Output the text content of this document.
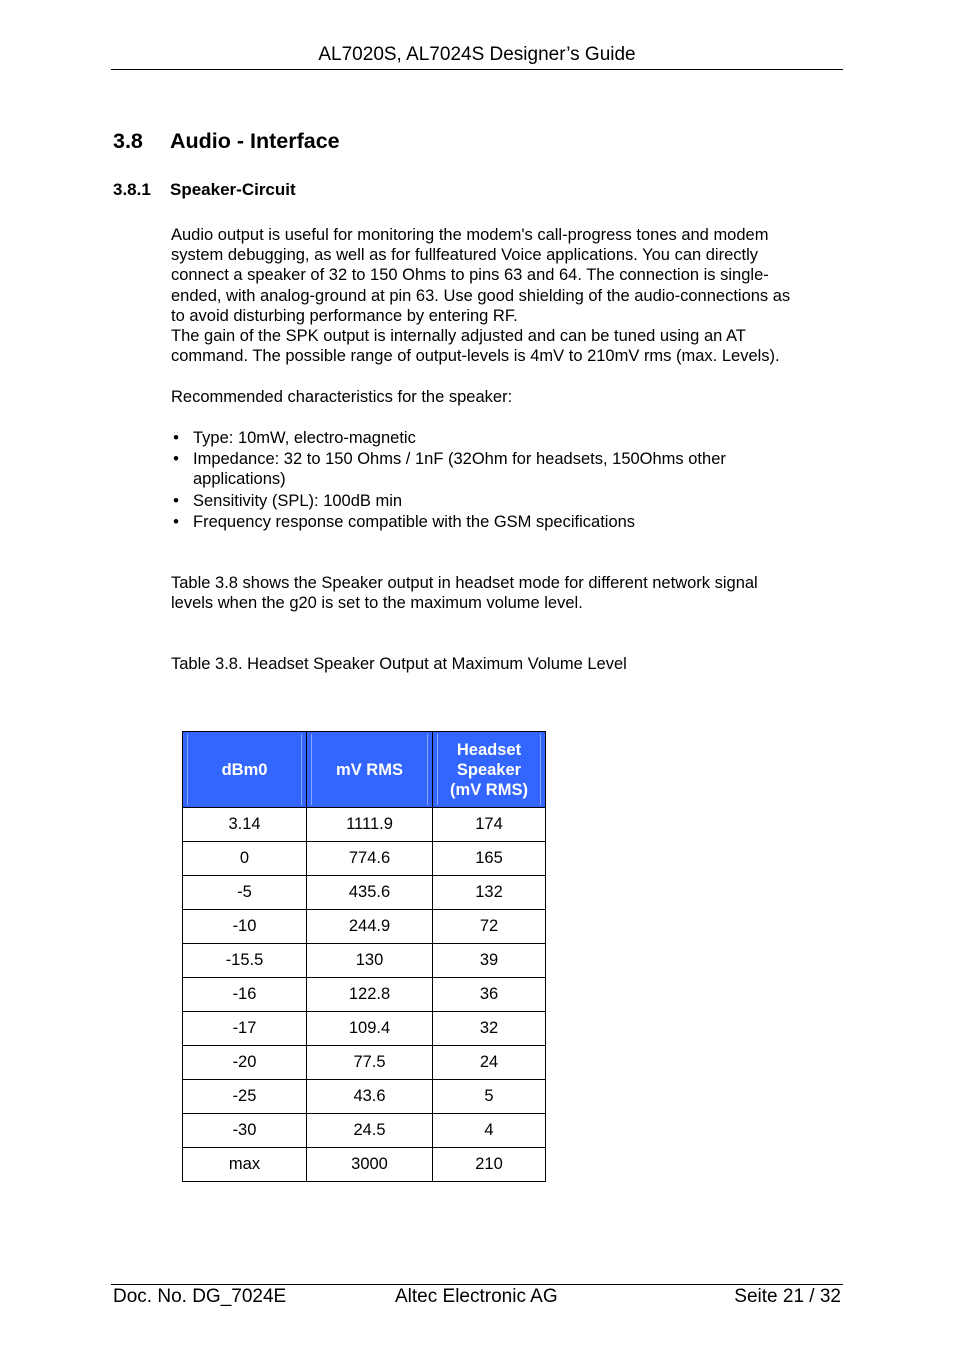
AL7020S, AL7024S Designer’s Guide
3.8 Audio - Interface
3.8.1 Speaker-Circuit

Audio output is useful for monitoring the modem's call-progress tones and modem
system debugging, as well as for fullfeatured Voice applications. You can directly
connect a speaker of 32 to 150 Ohms to pins 63 and 64. The connection is single-
ended, with analog-ground at pin 63. Use good shielding of the audio-connections as
to avoid disturbing performance by entering RF.
The gain of the SPK output is internally adjusted and can be tuned using an AT
command. The possible range of output-levels is 4mV to 210mV rms (max. Levels).

Recommended characteristics for the speaker:

• Type: 10mW, electro-magnetic
• Impedance: 32 to 150 Ohms / 1nF (32Ohm for headsets, 150Ohms other
applications)
• Sensitivity (SPL): 100dB min
• Frequency response compatible with the GSM specifications

Table 3.8 shows the Speaker output in headset mode for different network signal
levels when the g20 is set to the maximum volume level.

Table 3.8. Headset Speaker Output at Maximum Volume Level
dBm0	mV RMS	Headset
Speaker
(mV RMS)

3.14	1111.9	174
0	774.6	165
-5	435.6	132
-10	244.9	72
-15.5	130	39
-16	122.8	36
-17	109.4	32
-20	77.5	24
-25	43.6	5
-30	24.5	4
max	3000	210
Doc. No. DG_7024E	Altec Electronic AG	Seite 21 / 32
